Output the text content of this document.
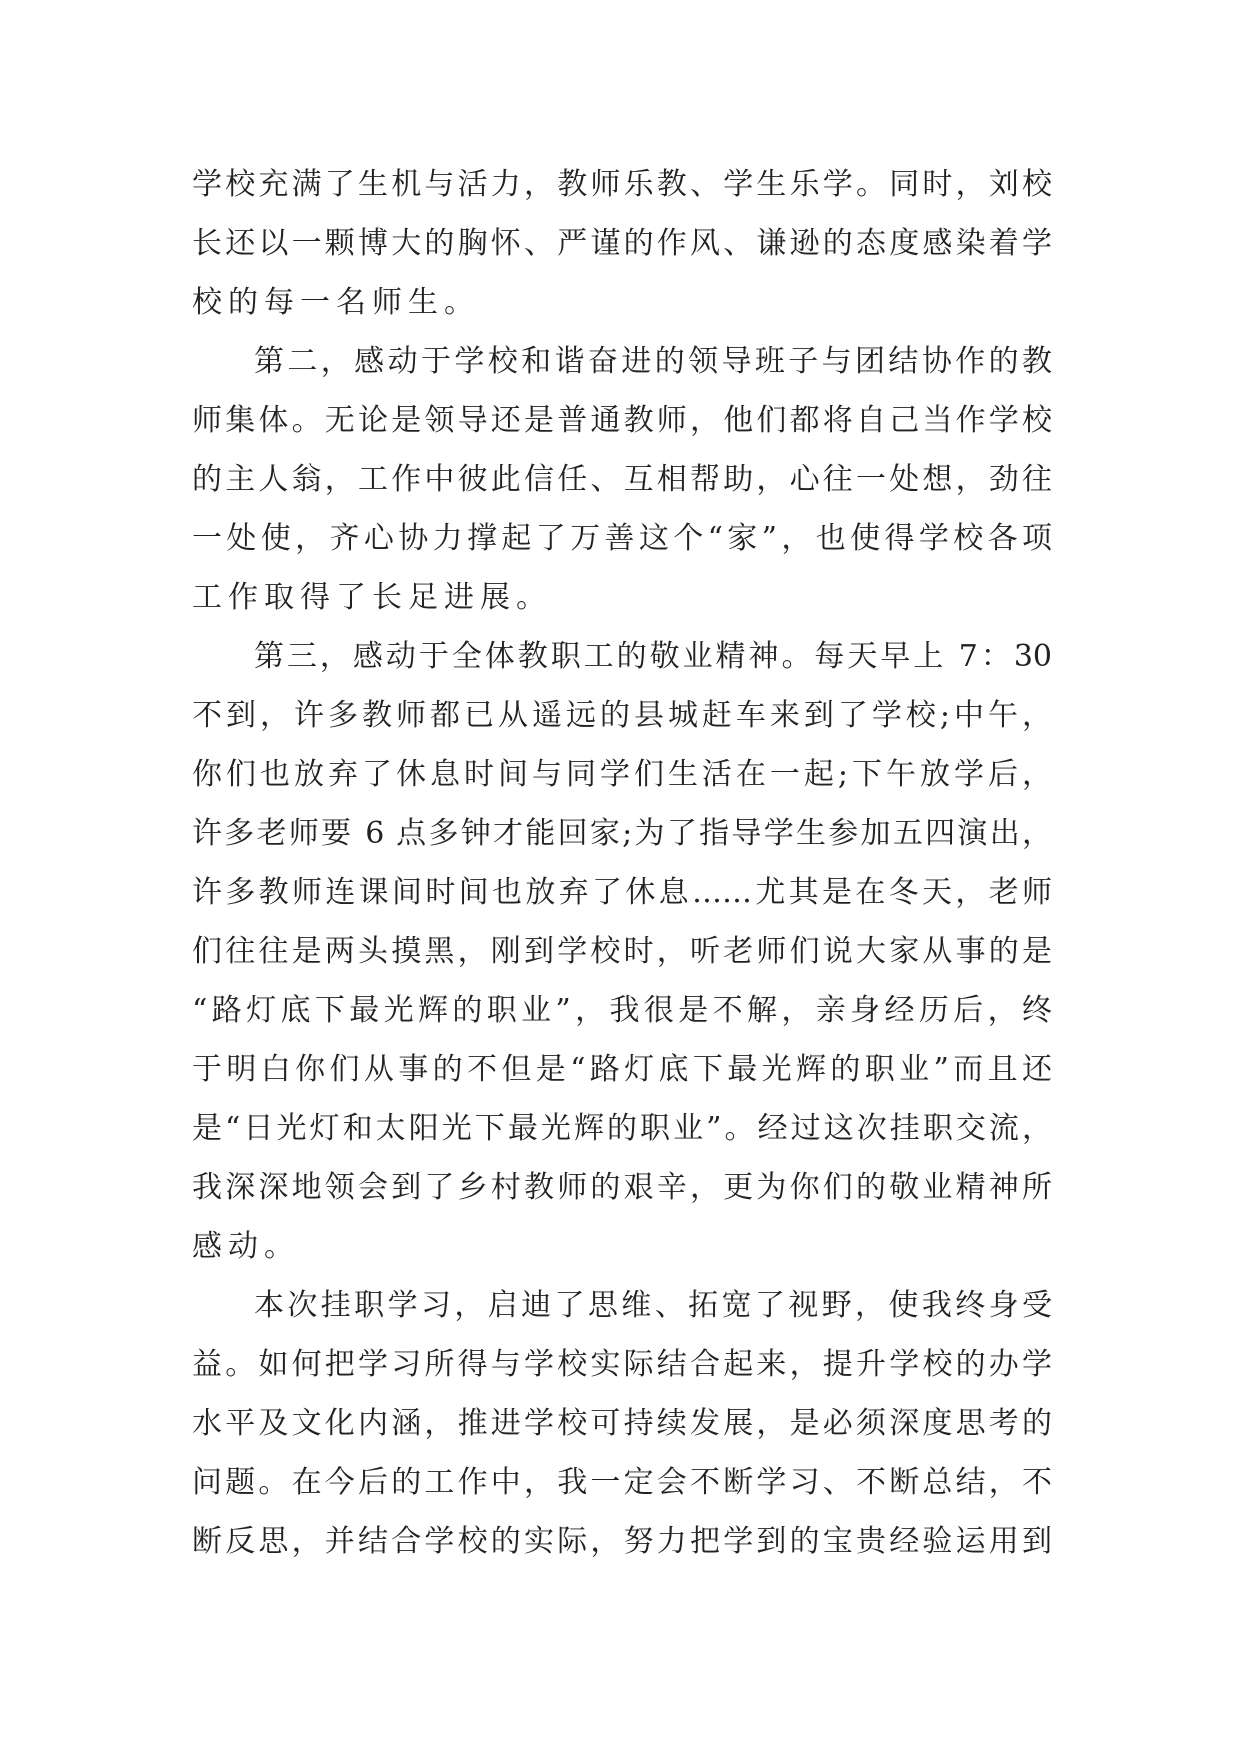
学校充满了生机与活力，教师乐教、学生乐学。同时，刘校
长还以一颗博大的胸怀、严谨的作风、谦逊的态度感染着学
校的每一名师生。
第二，感动于学校和谐奋进的领导班子与团结协作的教
师集体。无论是领导还是普通教师，他们都将自己当作学校
的主人翁，工作中彼此信任、互相帮助，心往一处想，劲往
一处使，齐心协力撑起了万善这个“家”，也使得学校各项
工作取得了长足进展。
第三，感动于全体教职工的敬业精神。每天早上 7：30
不到，许多教师都已从遥远的县城赶车来到了学校;中午，
你们也放弃了休息时间与同学们生活在一起;下午放学后，
许多老师要 6 点多钟才能回家;为了指导学生参加五四演出，
许多教师连课间时间也放弃了休息……尤其是在冬天，老师
们往往是两头摸黑，刚到学校时，听老师们说大家从事的是
“路灯底下最光辉的职业”，我很是不解，亲身经历后，终
于明白你们从事的不但是“路灯底下最光辉的职业”而且还
是“日光灯和太阳光下最光辉的职业”。经过这次挂职交流，
我深深地领会到了乡村教师的艰辛，更为你们的敬业精神所
感动。
本次挂职学习，启迪了思维、拓宽了视野，使我终身受
益。如何把学习所得与学校实际结合起来，提升学校的办学
水平及文化内涵，推进学校可持续发展，是必须深度思考的
问题。在今后的工作中，我一定会不断学习、不断总结，不
断反思，并结合学校的实际，努力把学到的宝贵经验运用到
